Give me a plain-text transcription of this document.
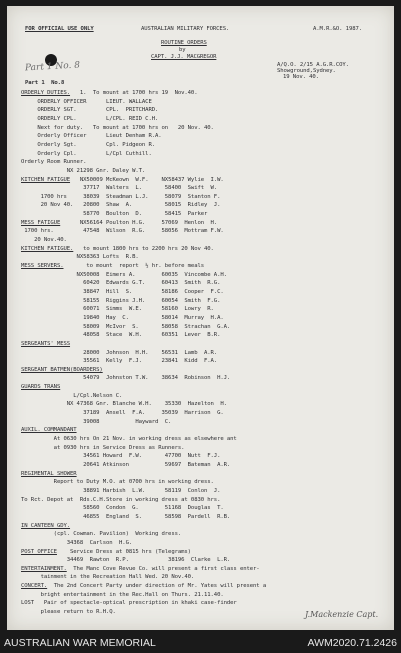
FOR OFFICIAL USE ONLY	AUSTRALIAN MILITARY FORCES.	A.M.R.&O. 1987.
ROUTINE ORDERS
by
CAPT. J.J. MACGREGOR
A/Q.O. 2/15 A.G.R.COY.
Showground,Sydney.
19 Nov. 40.
Part 1  No.8
Part 1 No. 8
ORDERLY DUTIES.   1.  To mount at 1700 hrs 19  Nov.40.
ORDERLY OFFICER      LIEUT. WALLACE
ORDERLY SGT.         CPL.  PRITCHARD.
ORDERLY CPL.         L/CPL. REID C.H.
Next for duty.   To mount at 1700 hrs on   20 Nov. 40.
Orderly Officer      Lieut Denham R.A.
Orderly Sgt.         Cpl. Pidgeon R.
Orderly Cpl.         L/Cpl Cuthill.
Orderly Room Runner.
NX 21298 Gnr. Daley W.T.
KITCHEN FATIGUE   NX50009 McKeown  W.F.    NX58437 Wylie  I.W.
37717  Walters  L.       58400  Swift  W.
1700 hrs     38039  Steadman L.J.     58079  Stanton F.
20 Nov 40.   20800  Shaw  A.          58015  Ridley  J.
58770  Boulton  D.       58415  Parker
MESS FATIGUE      NX56164 Poulton H.G.     57069  Henlon  H.
1700 hrs.         47548  Wilson  R.G.     58056  Mottram F.W.
20 Nov.40.
KITCHEN FATIGUE.   to mount 1800 hrs to 2200 hrs 20 Nov 40.
NX58363 Lofts  R.B.
MESS SERVERS.       to mount  report  ½ hr. before meals
NX50008  Eimers A.        60035  Vincombe A.H.
60420  Edwards G.T.     60413  Smith  R.G.
38847  Hill  S.         58186  Cooper  F.C.
58155  Riggins J.H.     60054  Smith  F.G.
60071  Simms  W.E.      58160  Lowry  R.
19840  Hay  C.          58014  Murray  H.A.
58009  McIvor  S.       58058  Strachan  G.A.
48058  Stace  W.H.      60351  Lever  B.R.
SERGEANTS' MESS
28000  Johnson  H.H.    56531  Lamb  A.R.
35561  Kelly  F.J.      23841  Kidd  F.A.
SERGEANT BATMEN(BOARDERS)
54079  Johnston T.W.    38634  Robinson  H.J.
GUARDS TRANS
L/Cpl.Nelson C.
NX 47368 Gnr. Blanche W.H.    35330  Hazelton  H.
37189  Ansell  F.A.     35039  Harrison  G.
39008           Hayward  C.
AUXIL. COMMANDANT
At 0630 hrs On 21 Nov. in working dress as elsewhere ant
at 0930 hrs in Service Dress as Runners.
34561 Howard  F.W.       47700  Nutt  F.J.
20641 Atkinson           59697  Bateman  A.R.
REGIMENTAL SHOWER
Report to Duty M.O. at 0700 hrs in working dress.
38891 Harbish  L.W.      58119  Conlon  J.
To Rct. Depot at  Rds.C.H.Store in working dress at 0830 hrs.
58560  Condon  G.        51168  Douglas  T.
46855  England  S.       58598  Pardell  R.B.
IN CANTEEN GDY.
(cpl. Cowman. Pavilion)  Working dress.
34368  Carlson  H.G.
POST OFFICE    Service Dress at 0815 hrs (Telegrams)
34469  Rawton  R.P.            38196  Clarke  L.R.
ENTERTAINMENT.  The Manc Cove Revue Co. will present a first class enter-
tainment in the Recreation Hall Wed. 20 Nov.40.
CONCERT.  The 2nd Concert Party under direction of Mr. Yates will present a
bright entertainment in the Rec.Hall on Thurs. 21.11.40.
LOST   Pair of spectacle-optical prescription in khaki case-finder
please return to R.H.Q.	J.Mackenzie Capt.
AUSTRALIAN WAR MEMORIAL	AWM2020.71.2426
